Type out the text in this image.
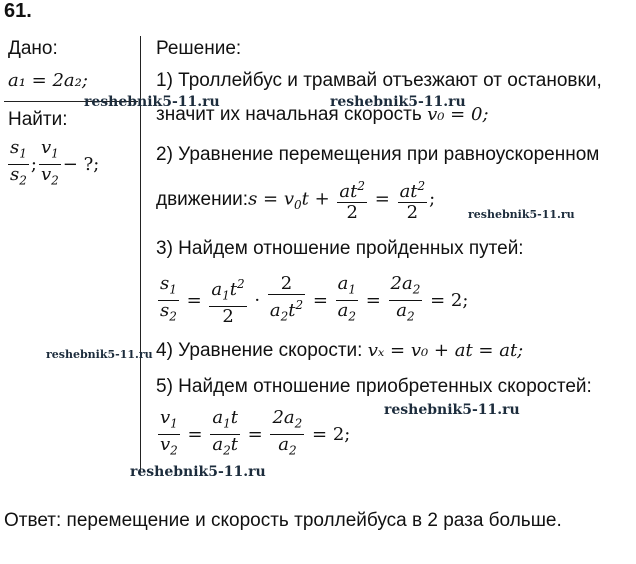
61.
Дано:
a₁ = 2a₂;
Найти:
$\frac{s_1}{s_2}$ ; $\frac{v_1}{v_2}$ − ?;
Решение:
1) Троллейбус и трамвай отъезжают от остановки,
значит их начальная скорость v₀ = 0;
2) Уравнение перемещения при равноускоренном
движении: $s = v_0t + \frac{at^2}{2} = \frac{at^2}{2}$ ;
3) Найдем отношение пройденных путей:
$\frac{s_1}{s_2} = \frac{a_1t^2}{2} \cdot \frac{2}{a_2t^2} = \frac{a_1}{a_2} = \frac{2a_2}{a_2} = 2$;
4) Уравнение скорости: vₓ = v₀ + at = at;
5) Найдем отношение приобретенных скоростей:
$\frac{v_1}{v_2} = \frac{a_1t}{a_2t} = \frac{2a_2}{a_2} = 2$;
Ответ: перемещение и скорость троллейбуса в 2 раза больше.
reshebnik5-11.ru	reshebnik5-11.ru
reshebnik5-11.ru
reshebnik5-11.ru
reshebnik5-11.ru
reshebnik5-11.ru
